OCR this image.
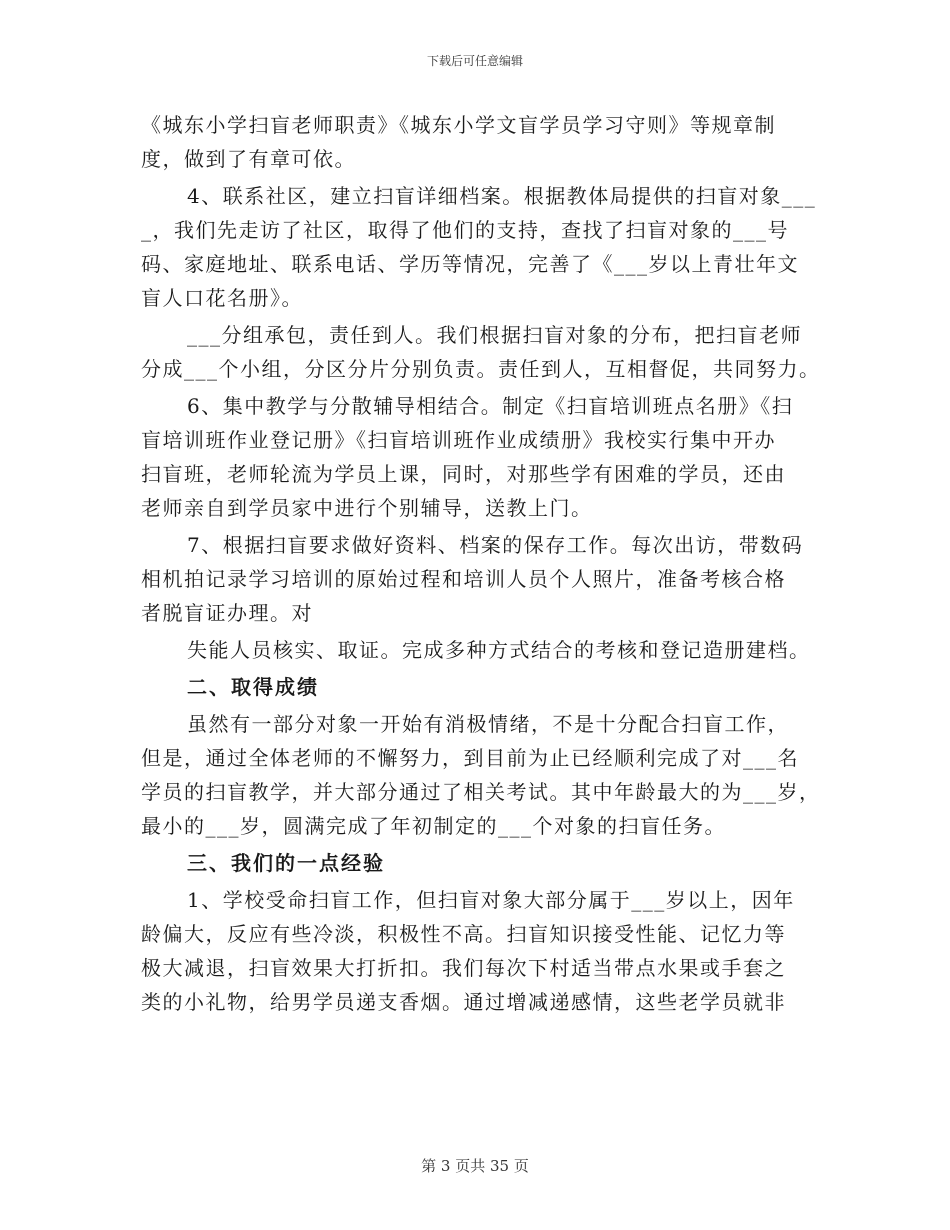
下载后可任意编辑
《城东小学扫盲老师职责》《城东小学文盲学员学习守则》等规章制
度，做到了有章可依。
4、联系社区，建立扫盲详细档案。根据教体局提供的扫盲对象___
_，我们先走访了社区，取得了他们的支持，查找了扫盲对象的___号
码、家庭地址、联系电话、学历等情况，完善了《___岁以上青壮年文
盲人口花名册》。
___分组承包，责任到人。我们根据扫盲对象的分布，把扫盲老师
分成___个小组，分区分片分别负责。责任到人，互相督促，共同努力。
6、集中教学与分散辅导相结合。制定《扫盲培训班点名册》《扫
盲培训班作业登记册》《扫盲培训班作业成绩册》我校实行集中开办
扫盲班，老师轮流为学员上课，同时，对那些学有困难的学员，还由
老师亲自到学员家中进行个别辅导，送教上门。
7、根据扫盲要求做好资料、档案的保存工作。每次出访，带数码
相机拍记录学习培训的原始过程和培训人员个人照片，准备考核合格
者脱盲证办理。对
失能人员核实、取证。完成多种方式结合的考核和登记造册建档。
二、取得成绩
虽然有一部分对象一开始有消极情绪，不是十分配合扫盲工作，
但是，通过全体老师的不懈努力，到目前为止已经顺利完成了对___名
学员的扫盲教学，并大部分通过了相关考试。其中年龄最大的为___岁，
最小的___岁，圆满完成了年初制定的___个对象的扫盲任务。
三、我们的一点经验
1、学校受命扫盲工作，但扫盲对象大部分属于___岁以上，因年
龄偏大，反应有些冷淡，积极性不高。扫盲知识接受性能、记忆力等
极大减退，扫盲效果大打折扣。我们每次下村适当带点水果或手套之
类的小礼物，给男学员递支香烟。通过增减递感情，这些老学员就非
第 3 页共 35 页
